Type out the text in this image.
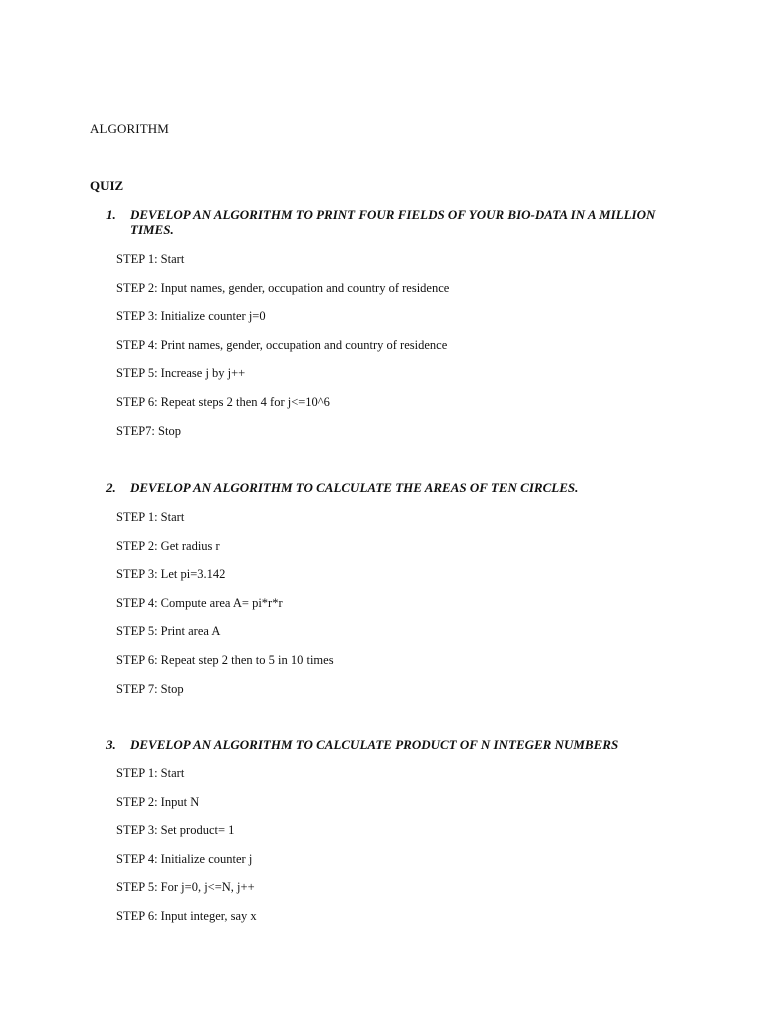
ALGORITHM
QUIZ
1.	DEVELOP AN ALGORITHM TO PRINT FOUR FIELDS OF YOUR BIO-DATA IN A MILLION TIMES.
STEP 1: Start
STEP 2: Input names, gender, occupation and country of residence
STEP 3: Initialize counter j=0
STEP 4: Print names, gender, occupation and country of residence
STEP 5: Increase j by j++
STEP 6: Repeat steps 2 then 4 for j<=10^6
STEP7: Stop
2.	DEVELOP AN ALGORITHM TO CALCULATE THE AREAS OF TEN CIRCLES.
STEP 1: Start
STEP 2: Get radius r
STEP 3: Let pi=3.142
STEP 4: Compute area A= pi*r*r
STEP 5: Print area A
STEP 6: Repeat step 2 then to 5 in 10 times
STEP 7: Stop
3.	DEVELOP AN ALGORITHM TO CALCULATE PRODUCT OF N INTEGER NUMBERS
STEP 1: Start
STEP 2: Input N
STEP 3: Set product= 1
STEP 4: Initialize counter j
STEP 5: For j=0, j<=N, j++
STEP 6: Input integer, say x
